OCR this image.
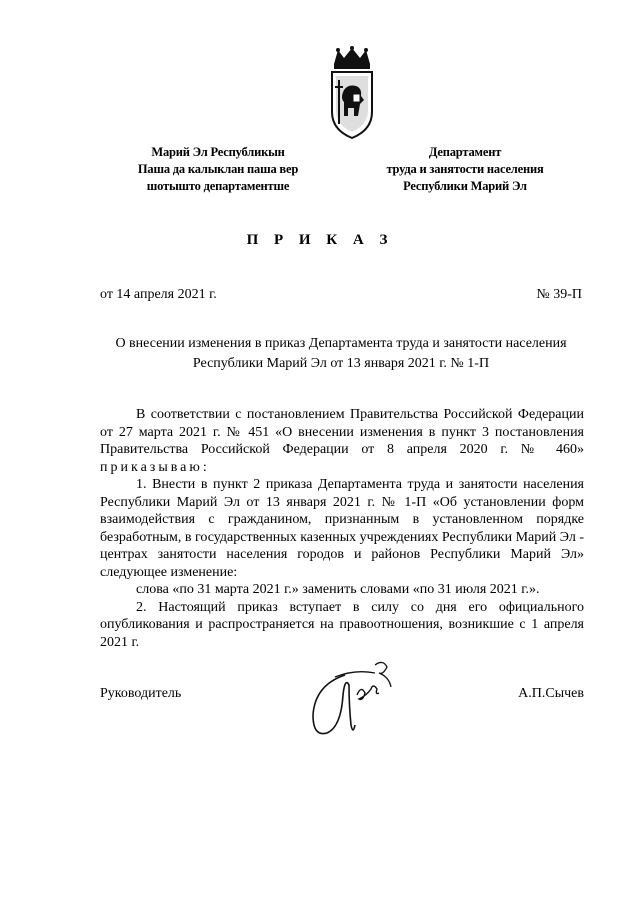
Марий Эл Республикын
Паша да калыклан паша вер
шотышто департаментше
Департамент
труда и занятости населения
Республики Марий Эл
П Р И К А З
от 14 апреля 2021 г.	№ 39-П
О внесении изменения в приказ Департамента труда и занятости населения Республики Марий Эл от 13 января 2021 г. № 1-П

В соответствии с постановлением Правительства Российской Федерации от 27 марта 2021 г. № 451 «О внесении изменения в пункт 3 постановления Правительства Российской Федерации от 8 апреля 2020 г. № 460» приказываю:

1. Внести в пункт 2 приказа Департамента труда и занятости населения Республики Марий Эл от 13 января 2021 г. № 1-П «Об установлении форм взаимодействия с гражданином, признанным в установленном порядке безработным, в государственных казенных учреждениях Республики Марий Эл - центрах занятости населения городов и районов Республики Марий Эл» следующее изменение:

слова «по 31 марта 2021 г.» заменить словами «по 31 июля 2021 г.».

2. Настоящий приказ вступает в силу со дня его официального опубликования и распространяется на правоотношения, возникшие с 1 апреля 2021 г.

Руководитель	А.П.Сычев
